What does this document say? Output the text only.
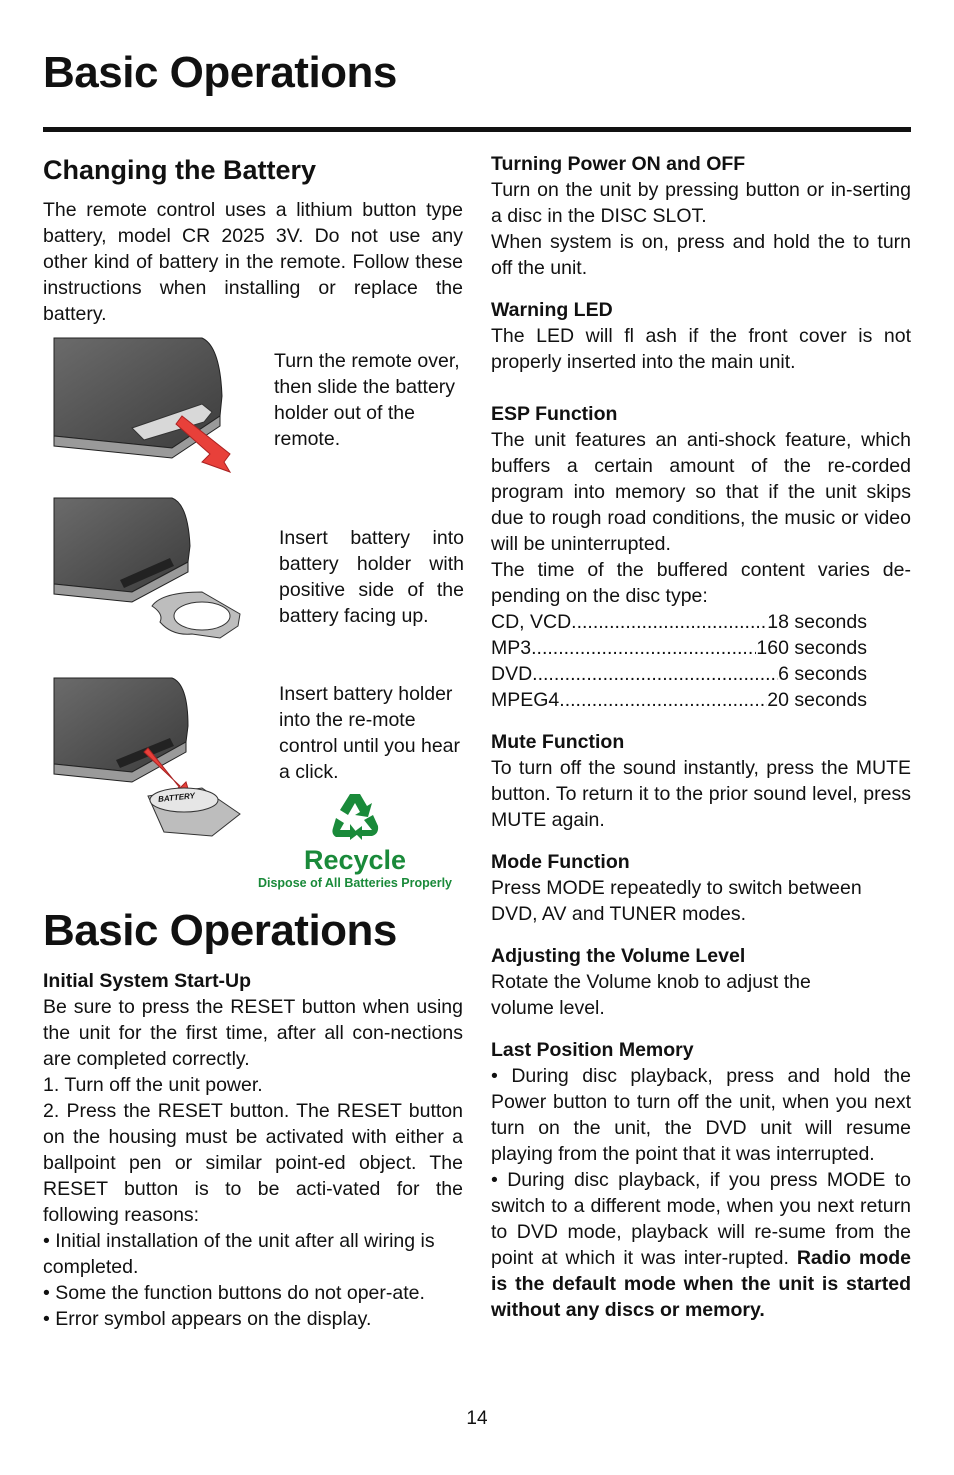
Basic Operations
Changing the Battery
The remote control uses a lithium button type battery, model CR 2025 3V. Do not use any other kind of battery in the remote. Follow these instructions when installing or replace the battery.
Turn the remote over, then slide the battery holder out of the remote.
Insert battery into battery holder with positive side of the battery facing up.
BATTERY
Insert battery holder into the re-mote control until you hear a click.
Recycle
Dispose of All Batteries Properly
Basic Operations
Initial System Start-Up
Be sure to press the RESET button when using the unit for the first time, after all con-nections are completed correctly.
1. Turn off the unit power.
2. Press the RESET button. The RESET button on the housing must be activated with either a ballpoint pen or similar point-ed object. The RESET button is to be acti-vated for the following reasons:
• Initial installation of the unit after all wiring is completed.
• Some the function buttons do not oper-ate.
• Error symbol appears on the display.
Turning Power ON and OFF
Turn on the unit by pressing button or in-serting a disc in the DISC SLOT.
When system is on, press and hold the to turn off the unit.
Warning LED
The LED will fl ash if the front cover is not properly inserted into the main unit.
ESP Function
The unit features an anti-shock feature, which buffers a certain amount of the re-corded program into memory so that if the unit skips due to rough road conditions, the music or video will be uninterrupted.
The time of the buffered content varies de-pending on the disc type:
CD, VCD .....	18 seconds
MP3 .....	160 seconds
DVD .....	6 seconds
MPEG4 .....	20 seconds
Mute Function
To turn off the sound instantly, press the MUTE button. To return it to the prior sound level, press MUTE again.
Mode Function
Press MODE repeatedly to switch between DVD, AV and TUNER modes.
Adjusting the Volume Level
Rotate the Volume knob to adjust the volume level.
Last Position Memory
• During disc playback, press and hold the Power button to turn off the unit, when you next turn on the unit, the DVD unit will resume playing from the point that it was interrupted.
• During disc playback, if you press MODE to switch to a different mode, when you next return to DVD mode, playback will re-sume from the point at which it was inter-rupted. Radio mode is the default mode when the unit is started without any discs or memory.
14
